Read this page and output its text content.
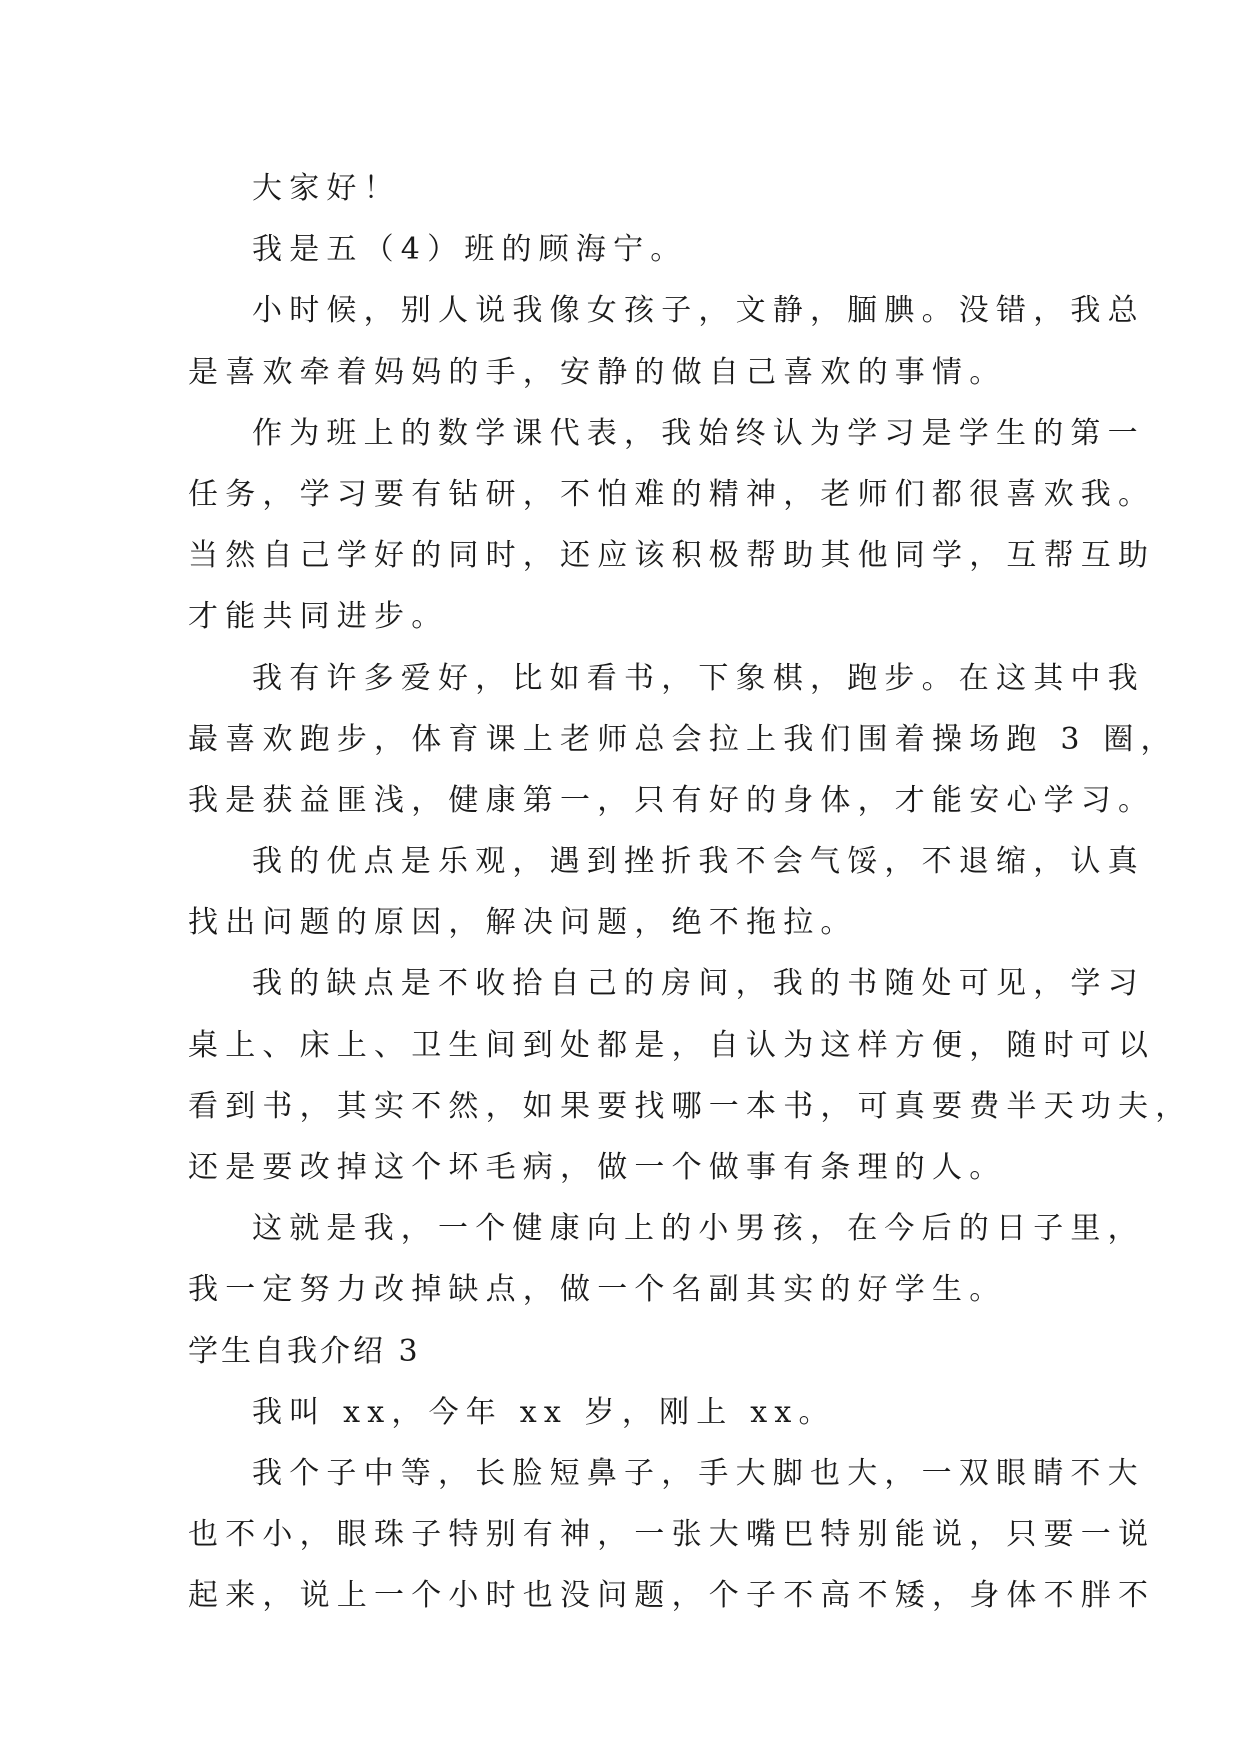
大家好！
我是五（4）班的顾海宁。
小时候，别人说我像女孩子，文静，腼腆。没错，我总
是喜欢牵着妈妈的手，安静的做自己喜欢的事情。
作为班上的数学课代表，我始终认为学习是学生的第一
任务，学习要有钻研，不怕难的精神，老师们都很喜欢我。
当然自己学好的同时，还应该积极帮助其他同学，互帮互助
才能共同进步。
我有许多爱好，比如看书，下象棋，跑步。在这其中我
最喜欢跑步，体育课上老师总会拉上我们围着操场跑 3 圈，
我是获益匪浅，健康第一，只有好的身体，才能安心学习。
我的优点是乐观，遇到挫折我不会气馁，不退缩，认真
找出问题的原因，解决问题，绝不拖拉。
我的缺点是不收拾自己的房间，我的书随处可见，学习
桌上、床上、卫生间到处都是，自认为这样方便，随时可以
看到书，其实不然，如果要找哪一本书，可真要费半天功夫，
还是要改掉这个坏毛病，做一个做事有条理的人。
这就是我，一个健康向上的小男孩，在今后的日子里，
我一定努力改掉缺点，做一个名副其实的好学生。
学生自我介绍 3
我叫 xx，今年 xx 岁，刚上 xx。
我个子中等，长脸短鼻子，手大脚也大，一双眼睛不大
也不小，眼珠子特别有神，一张大嘴巴特别能说，只要一说
起来，说上一个小时也没问题，个子不高不矮，身体不胖不
